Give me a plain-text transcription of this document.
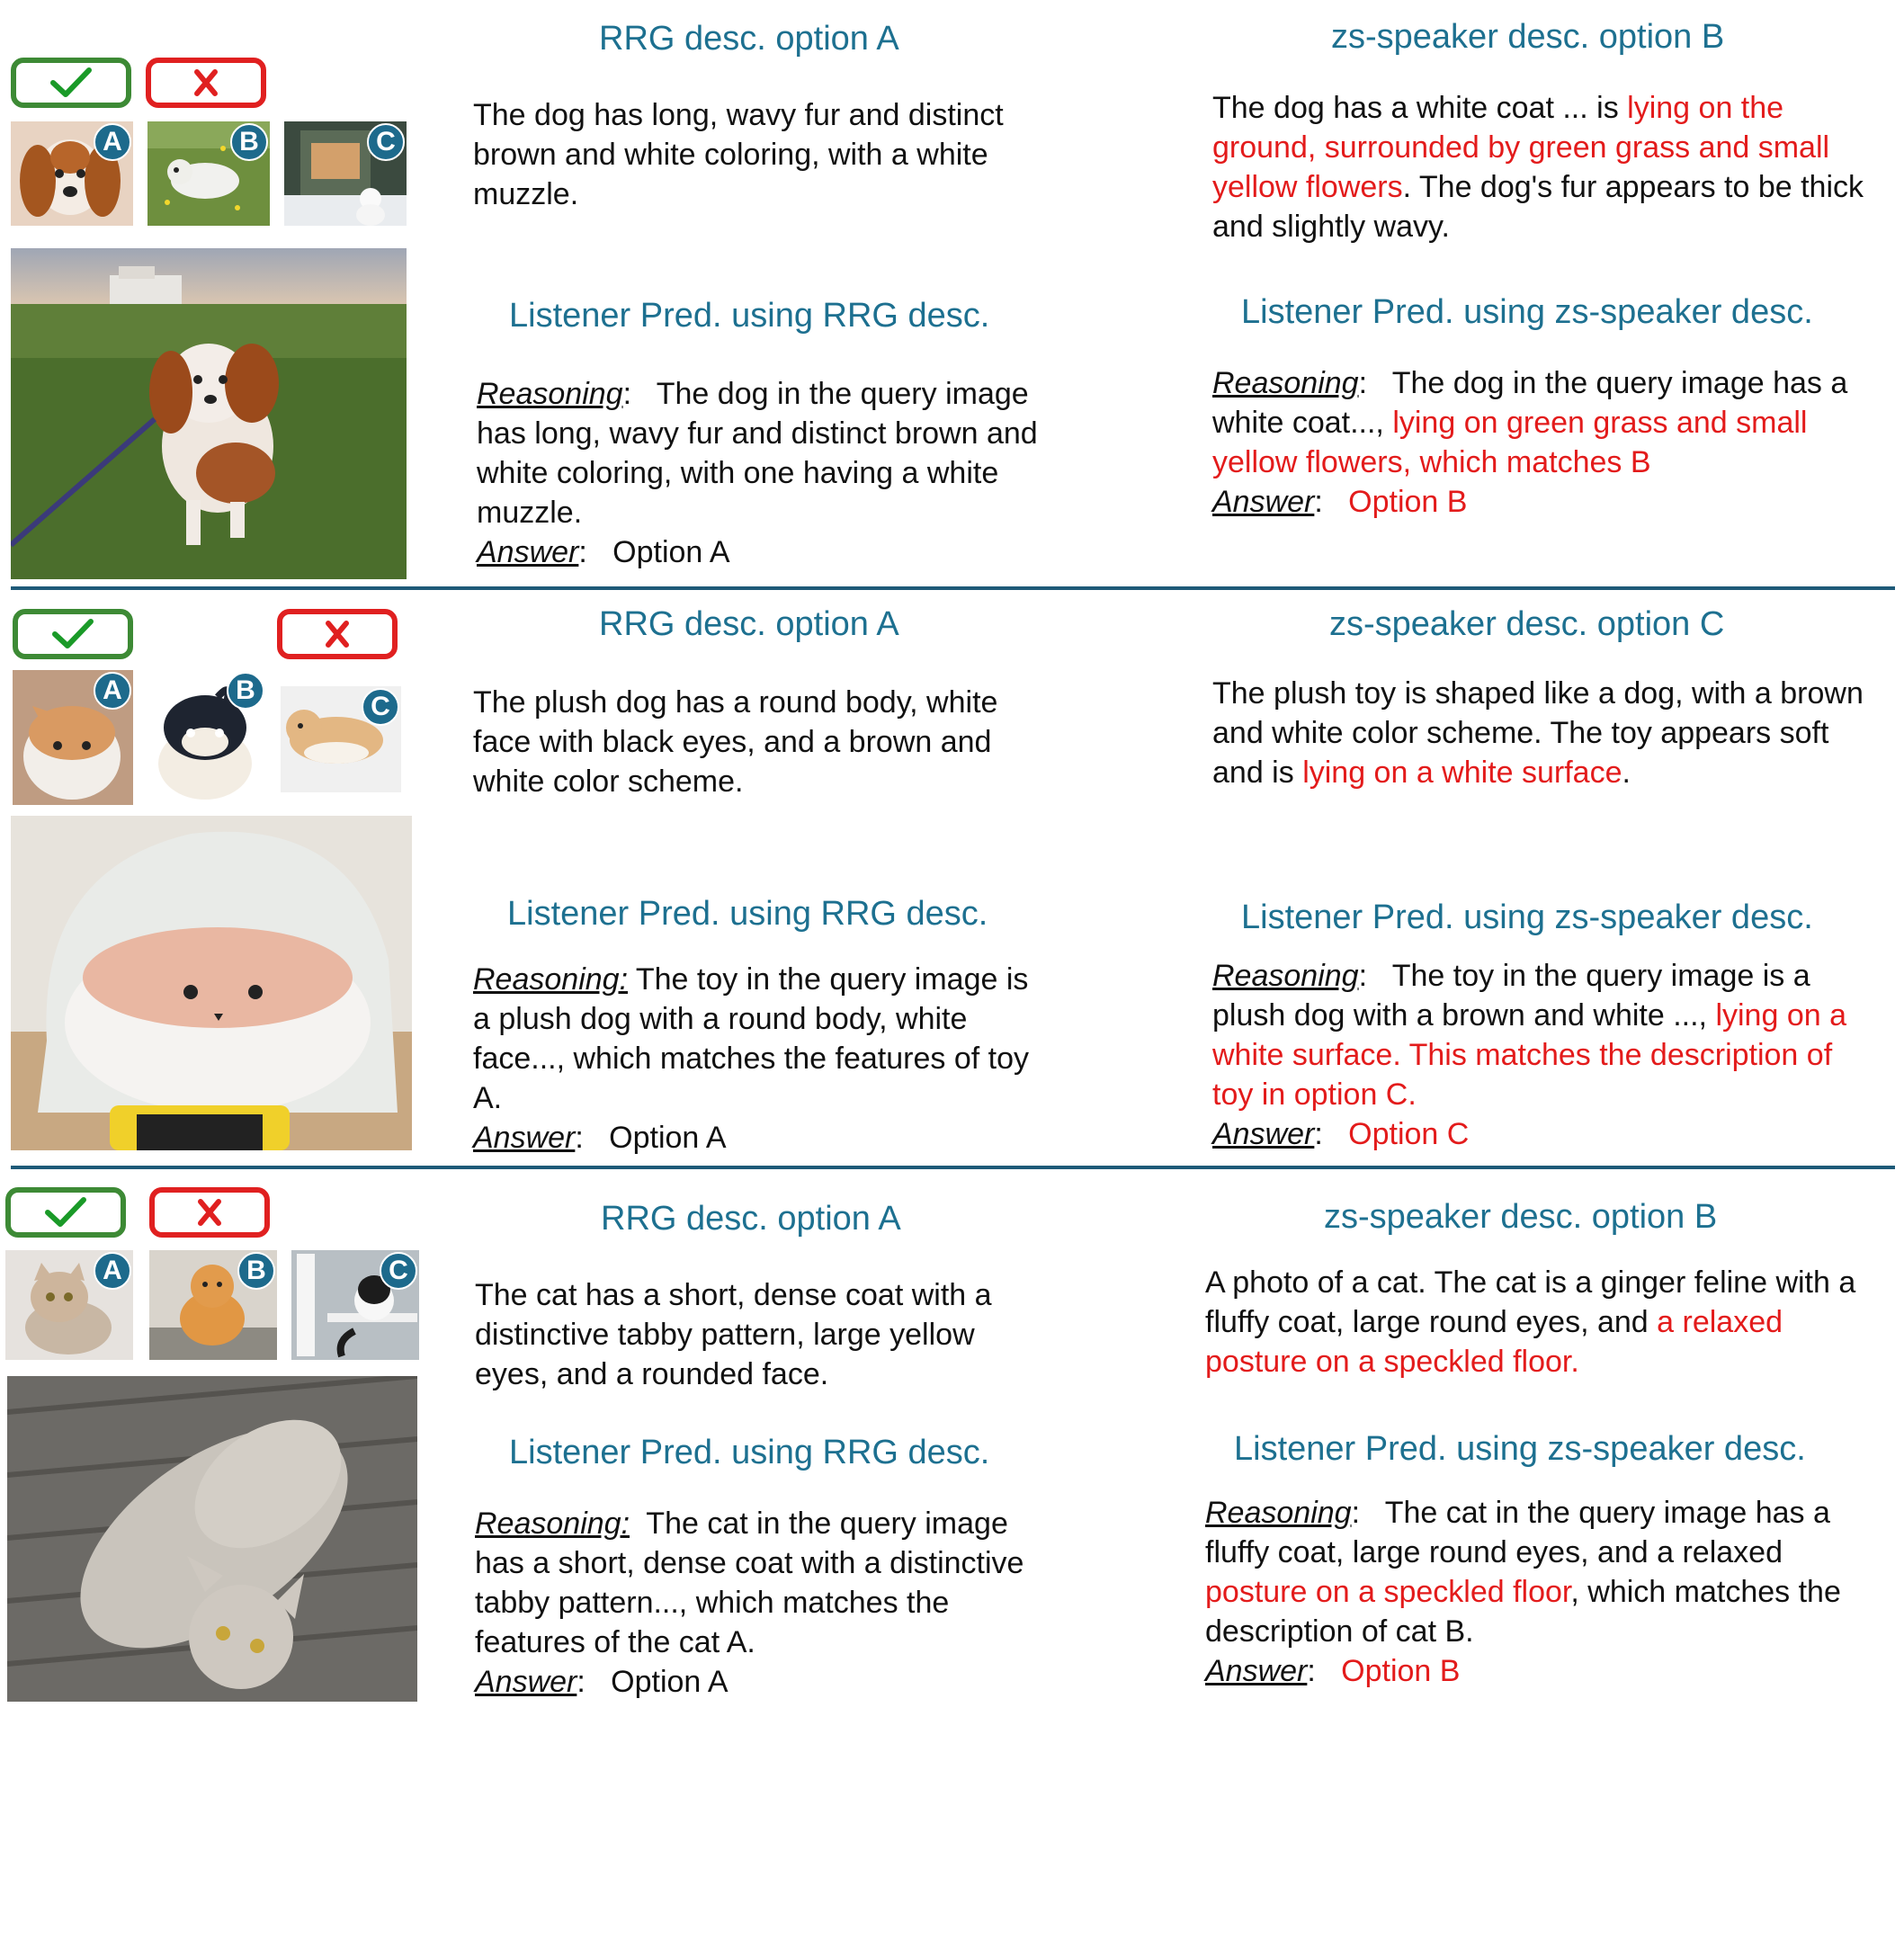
A	B	C
RRG desc. option A
The dog has long, wavy fur and distinct brown and white coloring, with a white muzzle.
Listener Pred. using RRG desc.
Reasoning: The dog in the query image has long, wavy fur and distinct brown and white coloring, with one having a white muzzle.
Answer:   Option A
zs-speaker desc. option B
The dog has a white coat ... is lying on the ground, surrounded by green grass and small yellow flowers. The dog's fur appears to be thick and slightly wavy.
Listener Pred. using zs-speaker desc.
Reasoning:   The dog in the query image has a white coat..., lying on green grass and small yellow flowers, which matches B
Answer:   Option B
A	B
C
RRG desc. option A
The plush dog has a round body, white face with black eyes, and a brown and white color scheme.
Listener Pred. using RRG desc.
Reasoning: The toy in the query image is a plush dog with a round body, white face..., which matches the features of toy A.
Answer:   Option A
zs-speaker desc. option C
The plush toy is shaped like a dog, with a brown and white color scheme. The toy appears soft and is lying on a white surface.
Listener Pred. using zs-speaker desc.
Reasoning:   The toy in the query image is a plush dog with a brown and white ..., lying on a white surface. This matches the description of toy in option C.
Answer:   Option C
A	B	C
RRG desc. option A
The cat has a short, dense coat with a distinctive tabby pattern, large yellow eyes, and a rounded face.
Listener Pred. using RRG desc.
Reasoning: The cat in the query image has a short, dense coat with a distinctive tabby pattern..., which matches the features of the cat A.
Answer:   Option A
zs-speaker desc. option B
A photo of a cat. The cat is a ginger feline with a fluffy coat, large round eyes, and a relaxed posture on a speckled floor.
Listener Pred. using zs-speaker desc.
Reasoning:   The cat in the query image has a fluffy coat, large round eyes, and a relaxed posture on a speckled floor, which matches the description of cat B.
Answer:   Option B
